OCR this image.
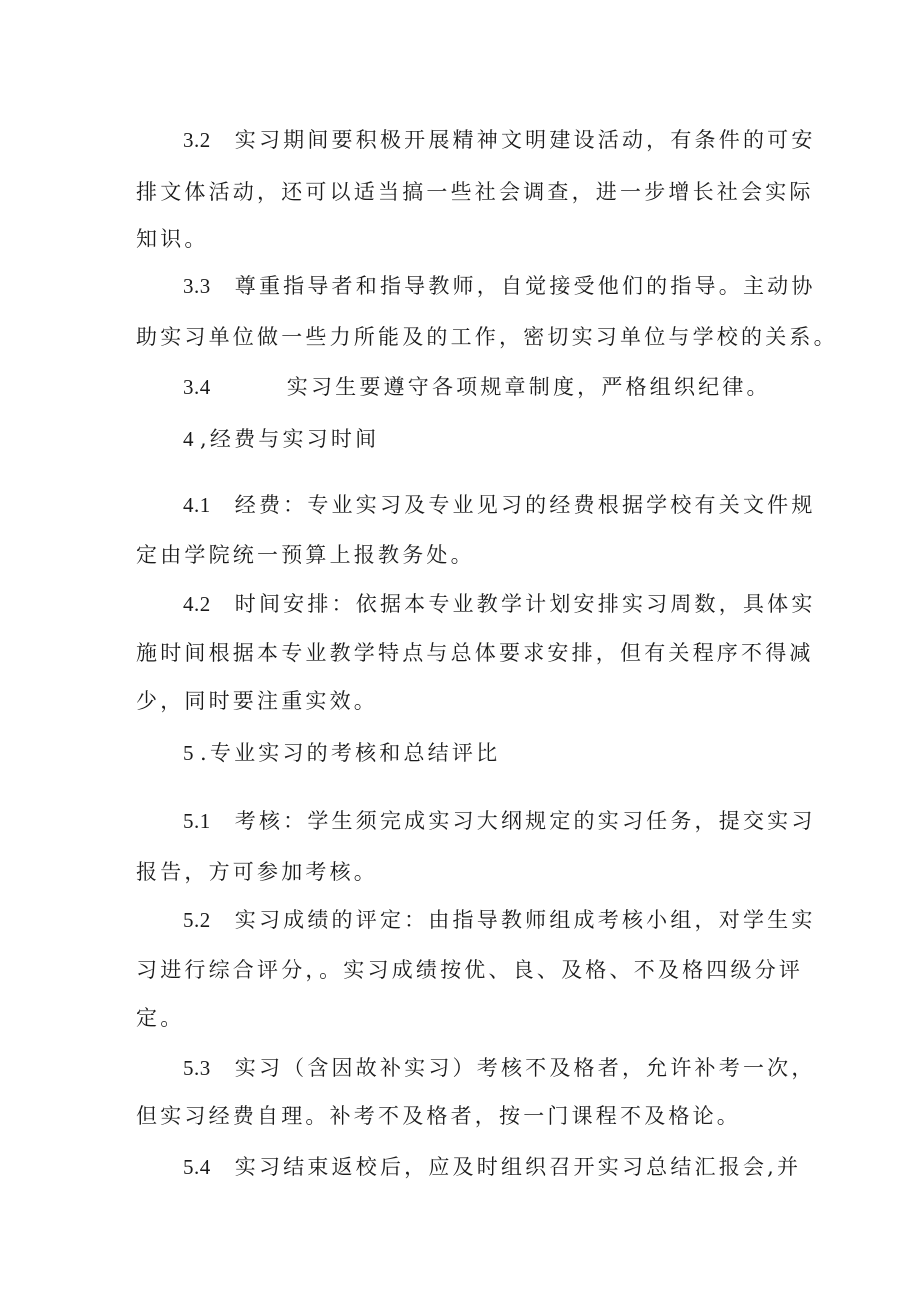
3.2 实习期间要积极开展精神文明建设活动，有条件的可安
排文体活动，还可以适当搞一些社会调查，进一步增长社会实际
知识。
3.3 尊重指导者和指导教师，自觉接受他们的指导。主动协
助实习单位做一些力所能及的工作，密切实习单位与学校的关系。
3.4	实习生要遵守各项规章制度，严格组织纪律。
4 ,经费与实习时间
4.1 经费：专业实习及专业见习的经费根据学校有关文件规
定由学院统一预算上报教务处。
4.2 时间安排：依据本专业教学计划安排实习周数，具体实
施时间根据本专业教学特点与总体要求安排，但有关程序不得减
少，同时要注重实效。
5 .专业实习的考核和总结评比
5.1 考核：学生须完成实习大纲规定的实习任务，提交实习
报告，方可参加考核。
5.2 实习成绩的评定：由指导教师组成考核小组，对学生实
习进行综合评分，。实习成绩按优、良、及格、不及格四级分评
定。
5.3 实习（含因故补实习）考核不及格者，允许补考一次，
但实习经费自理。补考不及格者，按一门课程不及格论。
5.4 实习结束返校后，应及时组织召开实习总结汇报会,并
